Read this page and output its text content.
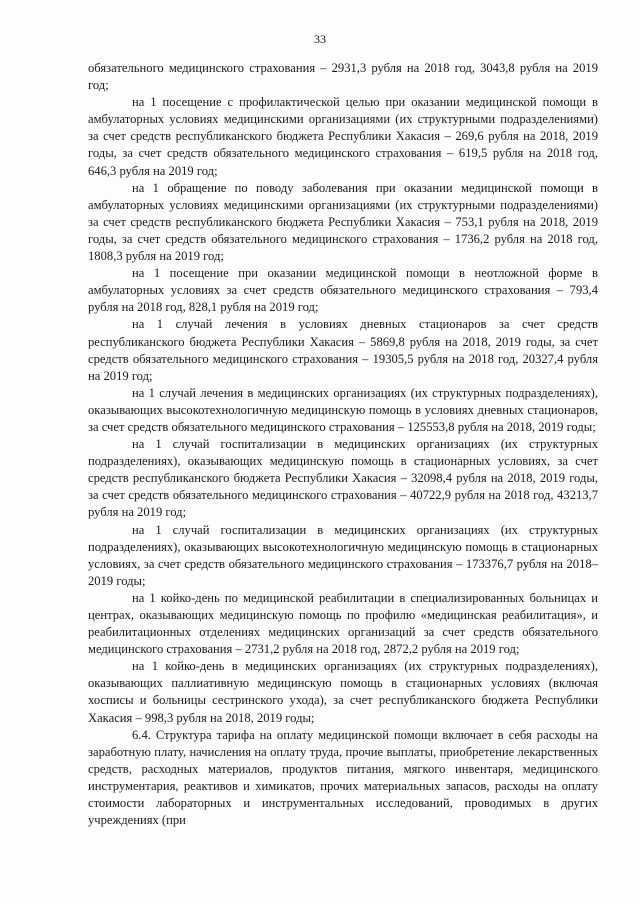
33

обязательного медицинского страхования – 2931,3 рубля на 2018 год, 3043,8 рубля на 2019 год;

на 1 посещение с профилактической целью при оказании медицинской помощи в амбулаторных условиях медицинскими организациями (их структурными подразделениями) за счет средств республиканского бюджета Республики Хакасия – 269,6 рубля на 2018, 2019 годы, за счет средств обязательного медицинского страхования – 619,5 рубля на 2018 год, 646,3 рубля на 2019 год;

на 1 обращение по поводу заболевания при оказании медицинской помощи в амбулаторных условиях медицинскими организациями (их структурными подразделениями) за счет средств республиканского бюджета Республики Хакасия – 753,1 рубля на 2018, 2019 годы, за счет средств обязательного медицинского страхования – 1736,2 рубля на 2018 год, 1808,3 рубля на 2019 год;

на 1 посещение при оказании медицинской помощи в неотложной форме в амбулаторных условиях за счет средств обязательного медицинского страхования – 793,4 рубля на 2018 год, 828,1 рубля на 2019 год;

на 1 случай лечения в условиях дневных стационаров за счет средств республиканского бюджета Республики Хакасия – 5869,8 рубля на 2018, 2019 годы, за счет средств обязательного медицинского страхования – 19305,5 рубля на 2018 год, 20327,4 рубля на 2019 год;

на 1 случай лечения в медицинских организациях (их структурных подразделениях), оказывающих высокотехнологичную медицинскую помощь в условиях дневных стационаров, за счет средств обязательного медицинского страхования – 125553,8 рубля на 2018, 2019 годы;

на 1 случай госпитализации в медицинских организациях (их структурных подразделениях), оказывающих медицинскую помощь в стационарных условиях, за счет средств республиканского бюджета Республики Хакасия – 32098,4 рубля на 2018, 2019 годы, за счет средств обязательного медицинского страхования – 40722,9 рубля на 2018 год, 43213,7 рубля на 2019 год;

на 1 случай госпитализации в медицинских организациях (их структурных подразделениях), оказывающих высокотехнологичную медицинскую помощь в стационарных условиях, за счет средств обязательного медицинского страхования – 173376,7 рубля на 2018–2019 годы;

на 1 койко-день по медицинской реабилитации в специализированных больницах и центрах, оказывающих медицинскую помощь по профилю «медицинская реабилитация», и реабилитационных отделениях медицинских организаций за счет средств обязательного медицинского страхования – 2731,2 рубля на 2018 год, 2872,2 рубля на 2019 год;

на 1 койко-день в медицинских организациях (их структурных подразделениях), оказывающих паллиативную медицинскую помощь в стационарных условиях (включая хосписы и больницы сестринского ухода), за счет республиканского бюджета Республики Хакасия – 998,3 рубля на 2018, 2019 годы;

6.4. Структура тарифа на оплату медицинской помощи включает в себя расходы на заработную плату, начисления на оплату труда, прочие выплаты, приобретение лекарственных средств, расходных материалов, продуктов питания, мягкого инвентаря, медицинского инструментария, реактивов и химикатов, прочих материальных запасов, расходы на оплату стоимости лабораторных и инструментальных исследований, проводимых в других учреждениях (при
